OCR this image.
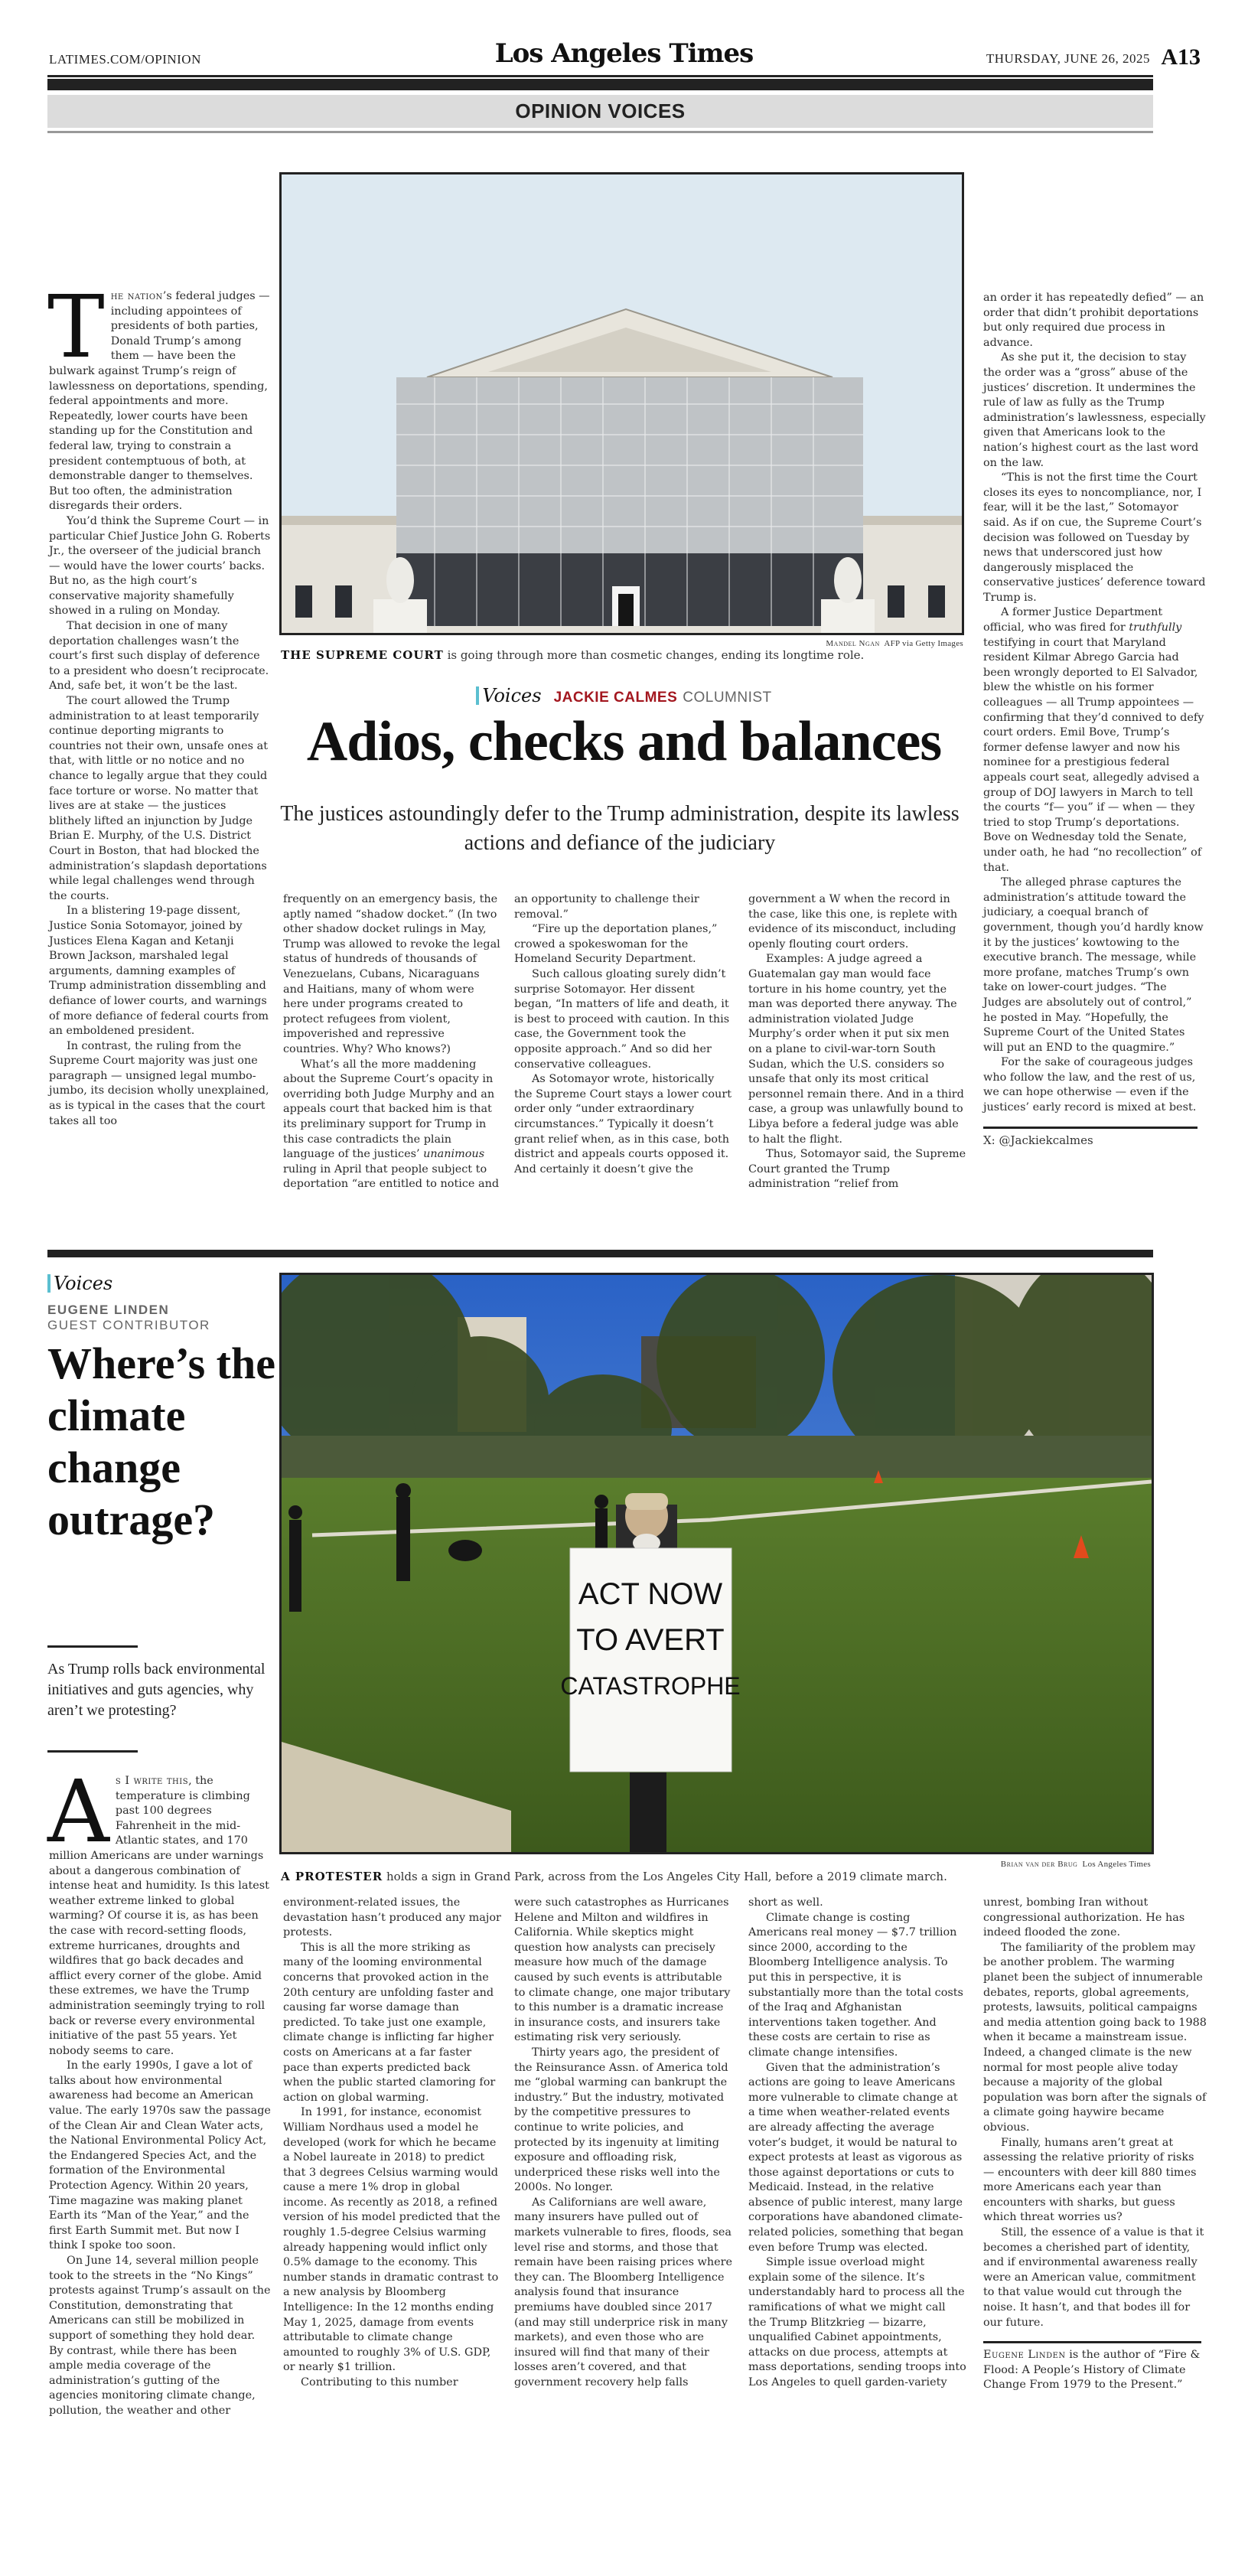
LATIMES.COM/OPINION	Los Angeles Times	THURSDAY, JUNE 26, 2025 A13
OPINION VOICES

The nation’s federal judges — including appointees of presidents of both parties, Donald Trump’s among them — have been the bulwark against Trump’s reign of lawlessness on deportations, spending, federal appointments and more. Repeatedly, lower courts have been standing up for the Constitution and federal law, trying to constrain a president contemptuous of both, at demonstrable danger to themselves. But too often, the administration disregards their orders.

You’d think the Supreme Court — in particular Chief Justice John G. Roberts Jr., the overseer of the judicial branch — would have the lower courts’ backs. But no, as the high court’s conservative majority shamefully showed in a ruling on Monday.

That decision in one of many deportation challenges wasn’t the court’s first such display of deference to a president who doesn’t reciprocate. And, safe bet, it won’t be the last.

The court allowed the Trump administration to at least temporarily continue deporting migrants to countries not their own, unsafe ones at that, with little or no notice and no chance to legally argue that they could face torture or worse. No matter that lives are at stake — the justices blithely lifted an injunction by Judge Brian E. Murphy, of the U.S. District Court in Boston, that had blocked the administration’s slapdash deportations while legal challenges wend through the courts.

In a blistering 19-page dissent, Justice Sonia Sotomayor, joined by Justices Elena Kagan and Ketanji Brown Jackson, marshaled legal arguments, damning examples of Trump administration dissembling and defiance of lower courts, and warnings of more defiance of federal courts from an emboldened president.

In contrast, the ruling from the Supreme Court majority was just one paragraph — unsigned legal mumbo-jumbo, its decision wholly unexplained, as is typical in the cases that the court takes all too

Mandel Ngan AFP via Getty Images
THE SUPREME COURT is going through more than cosmetic changes, ending its longtime role.
Voices JACKIE CALMES COLUMNIST
Adios, checks and balances
The justices astoundingly defer to the Trump administration, despite its lawless actions and defiance of the judiciary

frequently on an emergency basis, the aptly named “shadow docket.” (In two other shadow docket rulings in May, Trump was allowed to revoke the legal status of hundreds of thousands of Venezuelans, Cubans, Nicaraguans and Haitians, many of whom were here under programs created to protect refugees from violent, impoverished and repressive countries. Why? Who knows?)

What’s all the more maddening about the Supreme Court’s opacity in overriding both Judge Murphy and an appeals court that backed him is that its preliminary support for Trump in this case contradicts the plain language of the justices’ unanimous ruling in April that people subject to deportation “are entitled to notice and

an opportunity to challenge their removal.”

“Fire up the deportation planes,” crowed a spokeswoman for the Homeland Security Department.

Such callous gloating surely didn’t surprise Sotomayor. Her dissent began, “In matters of life and death, it is best to proceed with caution. In this case, the Government took the opposite approach.” And so did her conservative colleagues.

As Sotomayor wrote, historically the Supreme Court stays a lower court order only “under extraordinary circumstances.” Typically it doesn’t grant relief when, as in this case, both district and appeals courts opposed it. And certainly it doesn’t give the

government a W when the record in the case, like this one, is replete with evidence of its misconduct, including openly flouting court orders.

Examples: A judge agreed a Guatemalan gay man would face torture in his home country, yet the man was deported there anyway. The administration violated Judge Murphy’s order when it put six men on a plane to civil-war-torn South Sudan, which the U.S. considers so unsafe that only its most critical personnel remain there. And in a third case, a group was unlawfully bound to Libya before a federal judge was able to halt the flight.

Thus, Sotomayor said, the Supreme Court granted the Trump administration “relief from

an order it has repeatedly defied” — an order that didn’t prohibit deportations but only required due process in advance.

As she put it, the decision to stay the order was a “gross” abuse of the justices’ discretion. It undermines the rule of law as fully as the Trump administration’s lawlessness, especially given that Americans look to the nation’s highest court as the last word on the law.

“This is not the first time the Court closes its eyes to noncompliance, nor, I fear, will it be the last,” Sotomayor said. As if on cue, the Supreme Court’s decision was followed on Tuesday by news that underscored just how dangerously misplaced the conservative justices’ deference toward Trump is.

A former Justice Department official, who was fired for truthfully testifying in court that Maryland resident Kilmar Abrego Garcia had been wrongly deported to El Salvador, blew the whistle on his former colleagues — all Trump appointees — confirming that they’d connived to defy court orders. Emil Bove, Trump’s former defense lawyer and now his nominee for a prestigious federal appeals court seat, allegedly advised a group of DOJ lawyers in March to tell the courts “f— you” if — when — they tried to stop Trump’s deportations. Bove on Wednesday told the Senate, under oath, he had “no recollection” of that.

The alleged phrase captures the administration’s attitude toward the judiciary, a coequal branch of government, though you’d hardly know it by the justices’ kowtowing to the executive branch. The message, while more profane, matches Trump’s own take on lower-court judges. “The Judges are absolutely out of control,” he posted in May. “Hopefully, the Supreme Court of the United States will put an END to the quagmire.”

For the sake of courageous judges who follow the law, and the rest of us, we can hope otherwise — even if the justices’ early record is mixed at best.

X: @Jackiekcalmes
Voices
EUGENE LINDEN
GUEST CONTRIBUTOR
Where’s the climate change outrage?
As Trump rolls back environmental initiatives and guts agencies, why aren’t we protesting?

As I write this, the temperature is climbing past 100 degrees Fahrenheit in the mid-Atlantic states, and 170 million Americans are under warnings about a dangerous combination of intense heat and humidity. Is this latest weather extreme linked to global warming? Of course it is, as has been the case with record-setting floods, extreme hurricanes, droughts and wildfires that go back decades and afflict every corner of the globe. Amid these extremes, we have the Trump administration seemingly trying to roll back or reverse every environmental initiative of the past 55 years. Yet nobody seems to care.

In the early 1990s, I gave a lot of talks about how environmental awareness had become an American value. The early 1970s saw the passage of the Clean Air and Clean Water acts, the National Environmental Policy Act, the Endangered Species Act, and the formation of the Environmental Protection Agency. Within 20 years, Time magazine was making planet Earth its “Man of the Year,” and the first Earth Summit met. But now I think I spoke too soon.

On June 14, several million people took to the streets in the “No Kings” protests against Trump’s assault on the Constitution, demonstrating that Americans can still be mobilized in support of something they hold dear. By contrast, while there has been ample media coverage of the administration’s gutting of the agencies monitoring climate change, pollution, the weather and other

ACT NOW
TO AVERT
CATASTROPHE
Brian van der Brug Los Angeles Times
A PROTESTER holds a sign in Grand Park, across from the Los Angeles City Hall, before a 2019 climate march.

environment-related issues, the devastation hasn’t produced any major protests.

This is all the more striking as many of the looming environmental concerns that provoked action in the 20th century are unfolding faster and causing far worse damage than predicted. To take just one example, climate change is inflicting far higher costs on Americans at a far faster pace than experts predicted back when the public started clamoring for action on global warming.

In 1991, for instance, economist William Nordhaus used a model he developed (work for which he became a Nobel laureate in 2018) to predict that 3 degrees Celsius warming would cause a mere 1% drop in global income. As recently as 2018, a refined version of his model predicted that the roughly 1.5-degree Celsius warming already happening would inflict only 0.5% damage to the economy. This number stands in dramatic contrast to a new analysis by Bloomberg Intelligence: In the 12 months ending May 1, 2025, damage from events attributable to climate change amounted to roughly 3% of U.S. GDP, or nearly $1 trillion.

Contributing to this number

were such catastrophes as Hurricanes Helene and Milton and wildfires in California. While skeptics might question how analysts can precisely measure how much of the damage caused by such events is attributable to climate change, one major tributary to this number is a dramatic increase in insurance costs, and insurers take estimating risk very seriously.

Thirty years ago, the president of the Reinsurance Assn. of America told me “global warming can bankrupt the industry.” But the industry, motivated by the competitive pressures to continue to write policies, and protected by its ingenuity at limiting exposure and offloading risk, underpriced these risks well into the 2000s. No longer.

As Californians are well aware, many insurers have pulled out of markets vulnerable to fires, floods, sea level rise and storms, and those that remain have been raising prices where they can. The Bloomberg Intelligence analysis found that insurance premiums have doubled since 2017 (and may still underprice risk in many markets), and even those who are insured will find that many of their losses aren’t covered, and that government recovery help falls

short as well.

Climate change is costing Americans real money — $7.7 trillion since 2000, according to the Bloomberg Intelligence analysis. To put this in perspective, it is substantially more than the total costs of the Iraq and Afghanistan interventions taken together. And these costs are certain to rise as climate change intensifies.

Given that the administration’s actions are going to leave Americans more vulnerable to climate change at a time when weather-related events are already affecting the average voter’s budget, it would be natural to expect protests at least as vigorous as those against deportations or cuts to Medicaid. Instead, in the relative absence of public interest, many large corporations have abandoned climate-related policies, something that began even before Trump was elected.

Simple issue overload might explain some of the silence. It’s understandably hard to process all the ramifications of what we might call the Trump Blitzkrieg — bizarre, unqualified Cabinet appointments, attacks on due process, attempts at mass deportations, sending troops into Los Angeles to quell garden-variety

unrest, bombing Iran without congressional authorization. He has indeed flooded the zone.

The familiarity of the problem may be another problem. The warming planet been the subject of innumerable debates, reports, global agreements, protests, lawsuits, political campaigns and media attention going back to 1988 when it became a mainstream issue. Indeed, a changed climate is the new normal for most people alive today because a majority of the global population was born after the signals of a climate going haywire became obvious.

Finally, humans aren’t great at assessing the relative priority of risks — encounters with deer kill 880 times more Americans each year than encounters with sharks, but guess which threat worries us?

Still, the essence of a value is that it becomes a cherished part of identity, and if environmental awareness really were an American value, commitment to that value would cut through the noise. It hasn’t, and that bodes ill for our future.

Eugene Linden is the author of “Fire & Flood: A People’s History of Climate Change From 1979 to the Present.”
